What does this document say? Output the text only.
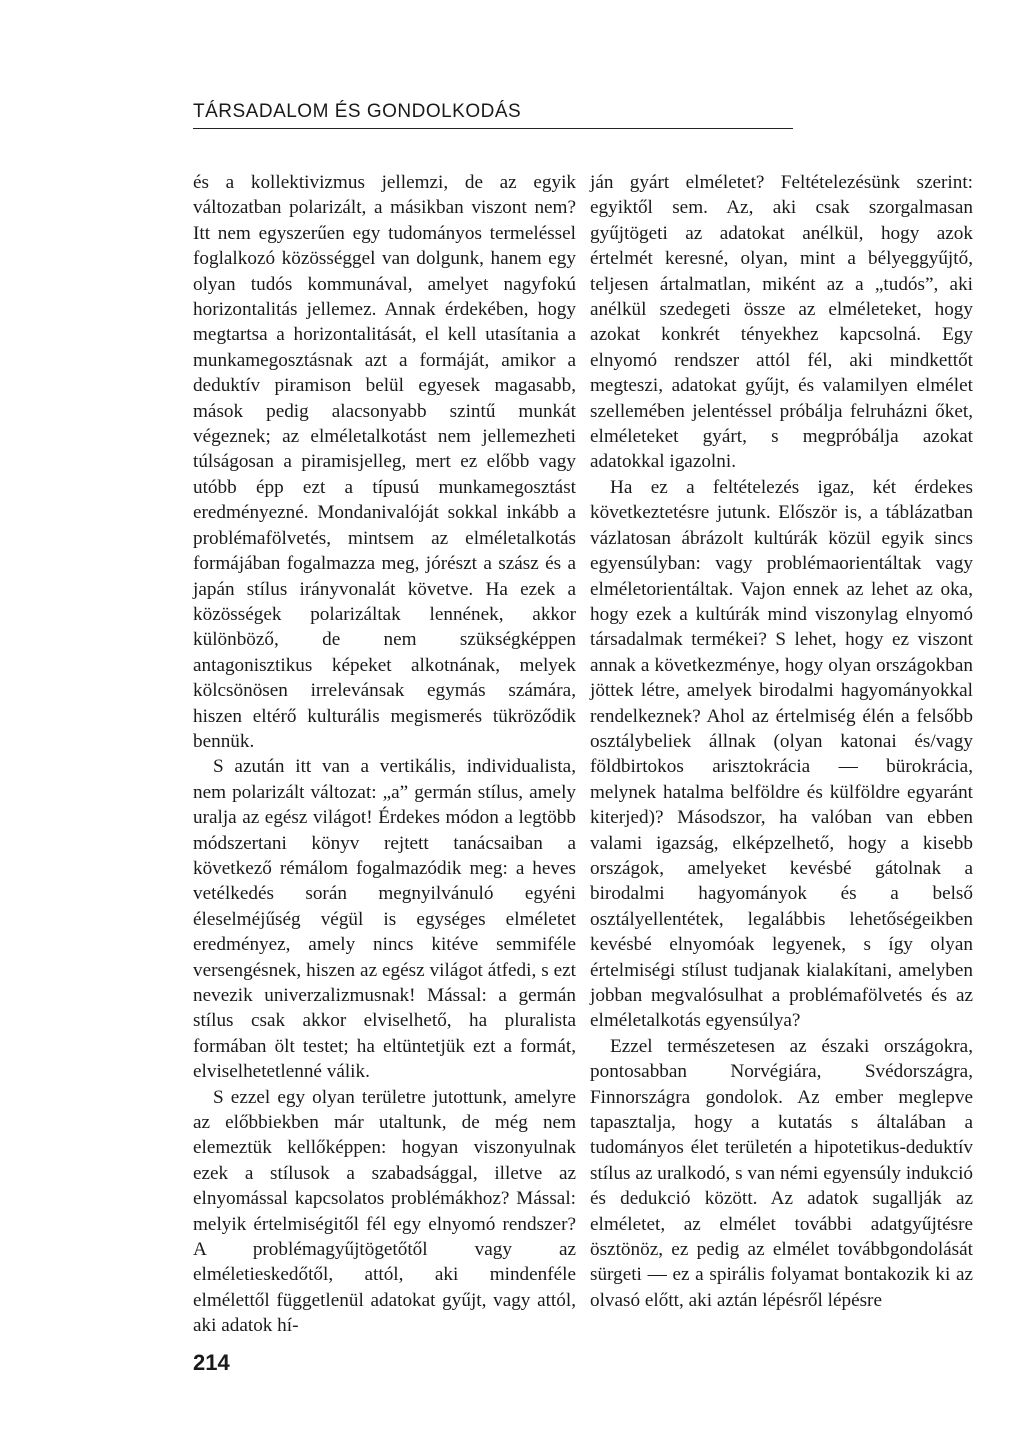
TÁRSADALOM ÉS GONDOLKODÁS

és a kollektivizmus jellemzi, de az egyik változatban polarizált, a másikban viszont nem? Itt nem egyszerűen egy tudományos termeléssel foglalkozó közösséggel van dolgunk, hanem egy olyan tudós kommunával, amelyet nagyfokú horizontalitás jellemez. Annak érdekében, hogy megtartsa a horizontalitását, el kell utasítania a munkamegosztásnak azt a formáját, amikor a deduktív piramison belül egyesek magasabb, mások pedig alacsonyabb szintű munkát végeznek; az elméletalkotást nem jellemezheti túlságosan a piramisjelleg, mert ez előbb vagy utóbb épp ezt a típusú munkamegosztást eredményezné. Mondanivalóját sokkal inkább a problémafölvetés, mintsem az elméletalkotás formájában fogalmazza meg, jórészt a szász és a japán stílus irányvonalát követve. Ha ezek a közösségek polarizáltak lennének, akkor különböző, de nem szükségképpen antagonisztikus képeket alkotnának, melyek kölcsönösen irrelevánsak egymás számára, hiszen eltérő kulturális megismerés tükröződik bennük.

S azután itt van a vertikális, individualista, nem polarizált változat: „a” germán stílus, amely uralja az egész világot! Érdekes módon a legtöbb módszertani könyv rejtett tanácsaiban a következő rémálom fogalmazódik meg: a heves vetélkedés során megnyilvánuló egyéni éleselméjűség végül is egységes elméletet eredményez, amely nincs kitéve semmiféle versengésnek, hiszen az egész világot átfedi, s ezt nevezik univerzalizmusnak! Mással: a germán stílus csak akkor elviselhető, ha pluralista formában ölt testet; ha eltüntetjük ezt a formát, elviselhetetlenné válik.

S ezzel egy olyan területre jutottunk, amelyre az előbbiekben már utaltunk, de még nem elemeztük kellőképpen: hogyan viszonyulnak ezek a stílusok a szabadsággal, illetve az elnyomással kapcsolatos problémákhoz? Mással: melyik értelmiségitől fél egy elnyomó rendszer? A problémagyűjtögetőtől vagy az elméletieskedőtől, attól, aki mindenféle elmélettől függetlenül adatokat gyűjt, vagy attól, aki adatok hí-

ján gyárt elméletet? Feltételezésünk szerint: egyiktől sem. Az, aki csak szorgalmasan gyűjtögeti az adatokat anélkül, hogy azok értelmét keresné, olyan, mint a bélyeggyűjtő, teljesen ártalmatlan, miként az a „tudós”, aki anélkül szedegeti össze az elméleteket, hogy azokat konkrét tényekhez kapcsolná. Egy elnyomó rendszer attól fél, aki mindkettőt megteszi, adatokat gyűjt, és valamilyen elmélet szellemében jelentéssel próbálja felruházni őket, elméleteket gyárt, s megpróbálja azokat adatokkal igazolni.

Ha ez a feltételezés igaz, két érdekes következtetésre jutunk. Először is, a táblázatban vázlatosan ábrázolt kultúrák közül egyik sincs egyensúlyban: vagy problémaorientáltak vagy elméletorientáltak. Vajon ennek az lehet az oka, hogy ezek a kultúrák mind viszonylag elnyomó társadalmak termékei? S lehet, hogy ez viszont annak a következménye, hogy olyan országokban jöttek létre, amelyek birodalmi hagyományokkal rendelkeznek? Ahol az értelmiség élén a felsőbb osztálybeliek állnak (olyan katonai és/vagy földbirtokos arisztokrácia — bürokrácia, melynek hatalma belföldre és külföldre egyaránt kiterjed)? Másodszor, ha valóban van ebben valami igazság, elképzelhető, hogy a kisebb országok, amelyeket kevésbé gátolnak a birodalmi hagyományok és a belső osztályellentétek, legalábbis lehetőségeikben kevésbé elnyomóak legyenek, s így olyan értelmiségi stílust tudjanak kialakítani, amelyben jobban megvalósulhat a problémafölvetés és az elméletalkotás egyensúlya?

Ezzel természetesen az északi országokra, pontosabban Norvégiára, Svédországra, Finnországra gondolok. Az ember meglepve tapasztalja, hogy a kutatás s általában a tudományos élet területén a hipotetikus-deduktív stílus az uralkodó, s van némi egyensúly indukció és dedukció között. Az adatok sugallják az elméletet, az elmélet további adatgyűjtésre ösztönöz, ez pedig az elmélet továbbgondolását sürgeti — ez a spirális folyamat bontakozik ki az olvasó előtt, aki aztán lépésről lépésre

214
